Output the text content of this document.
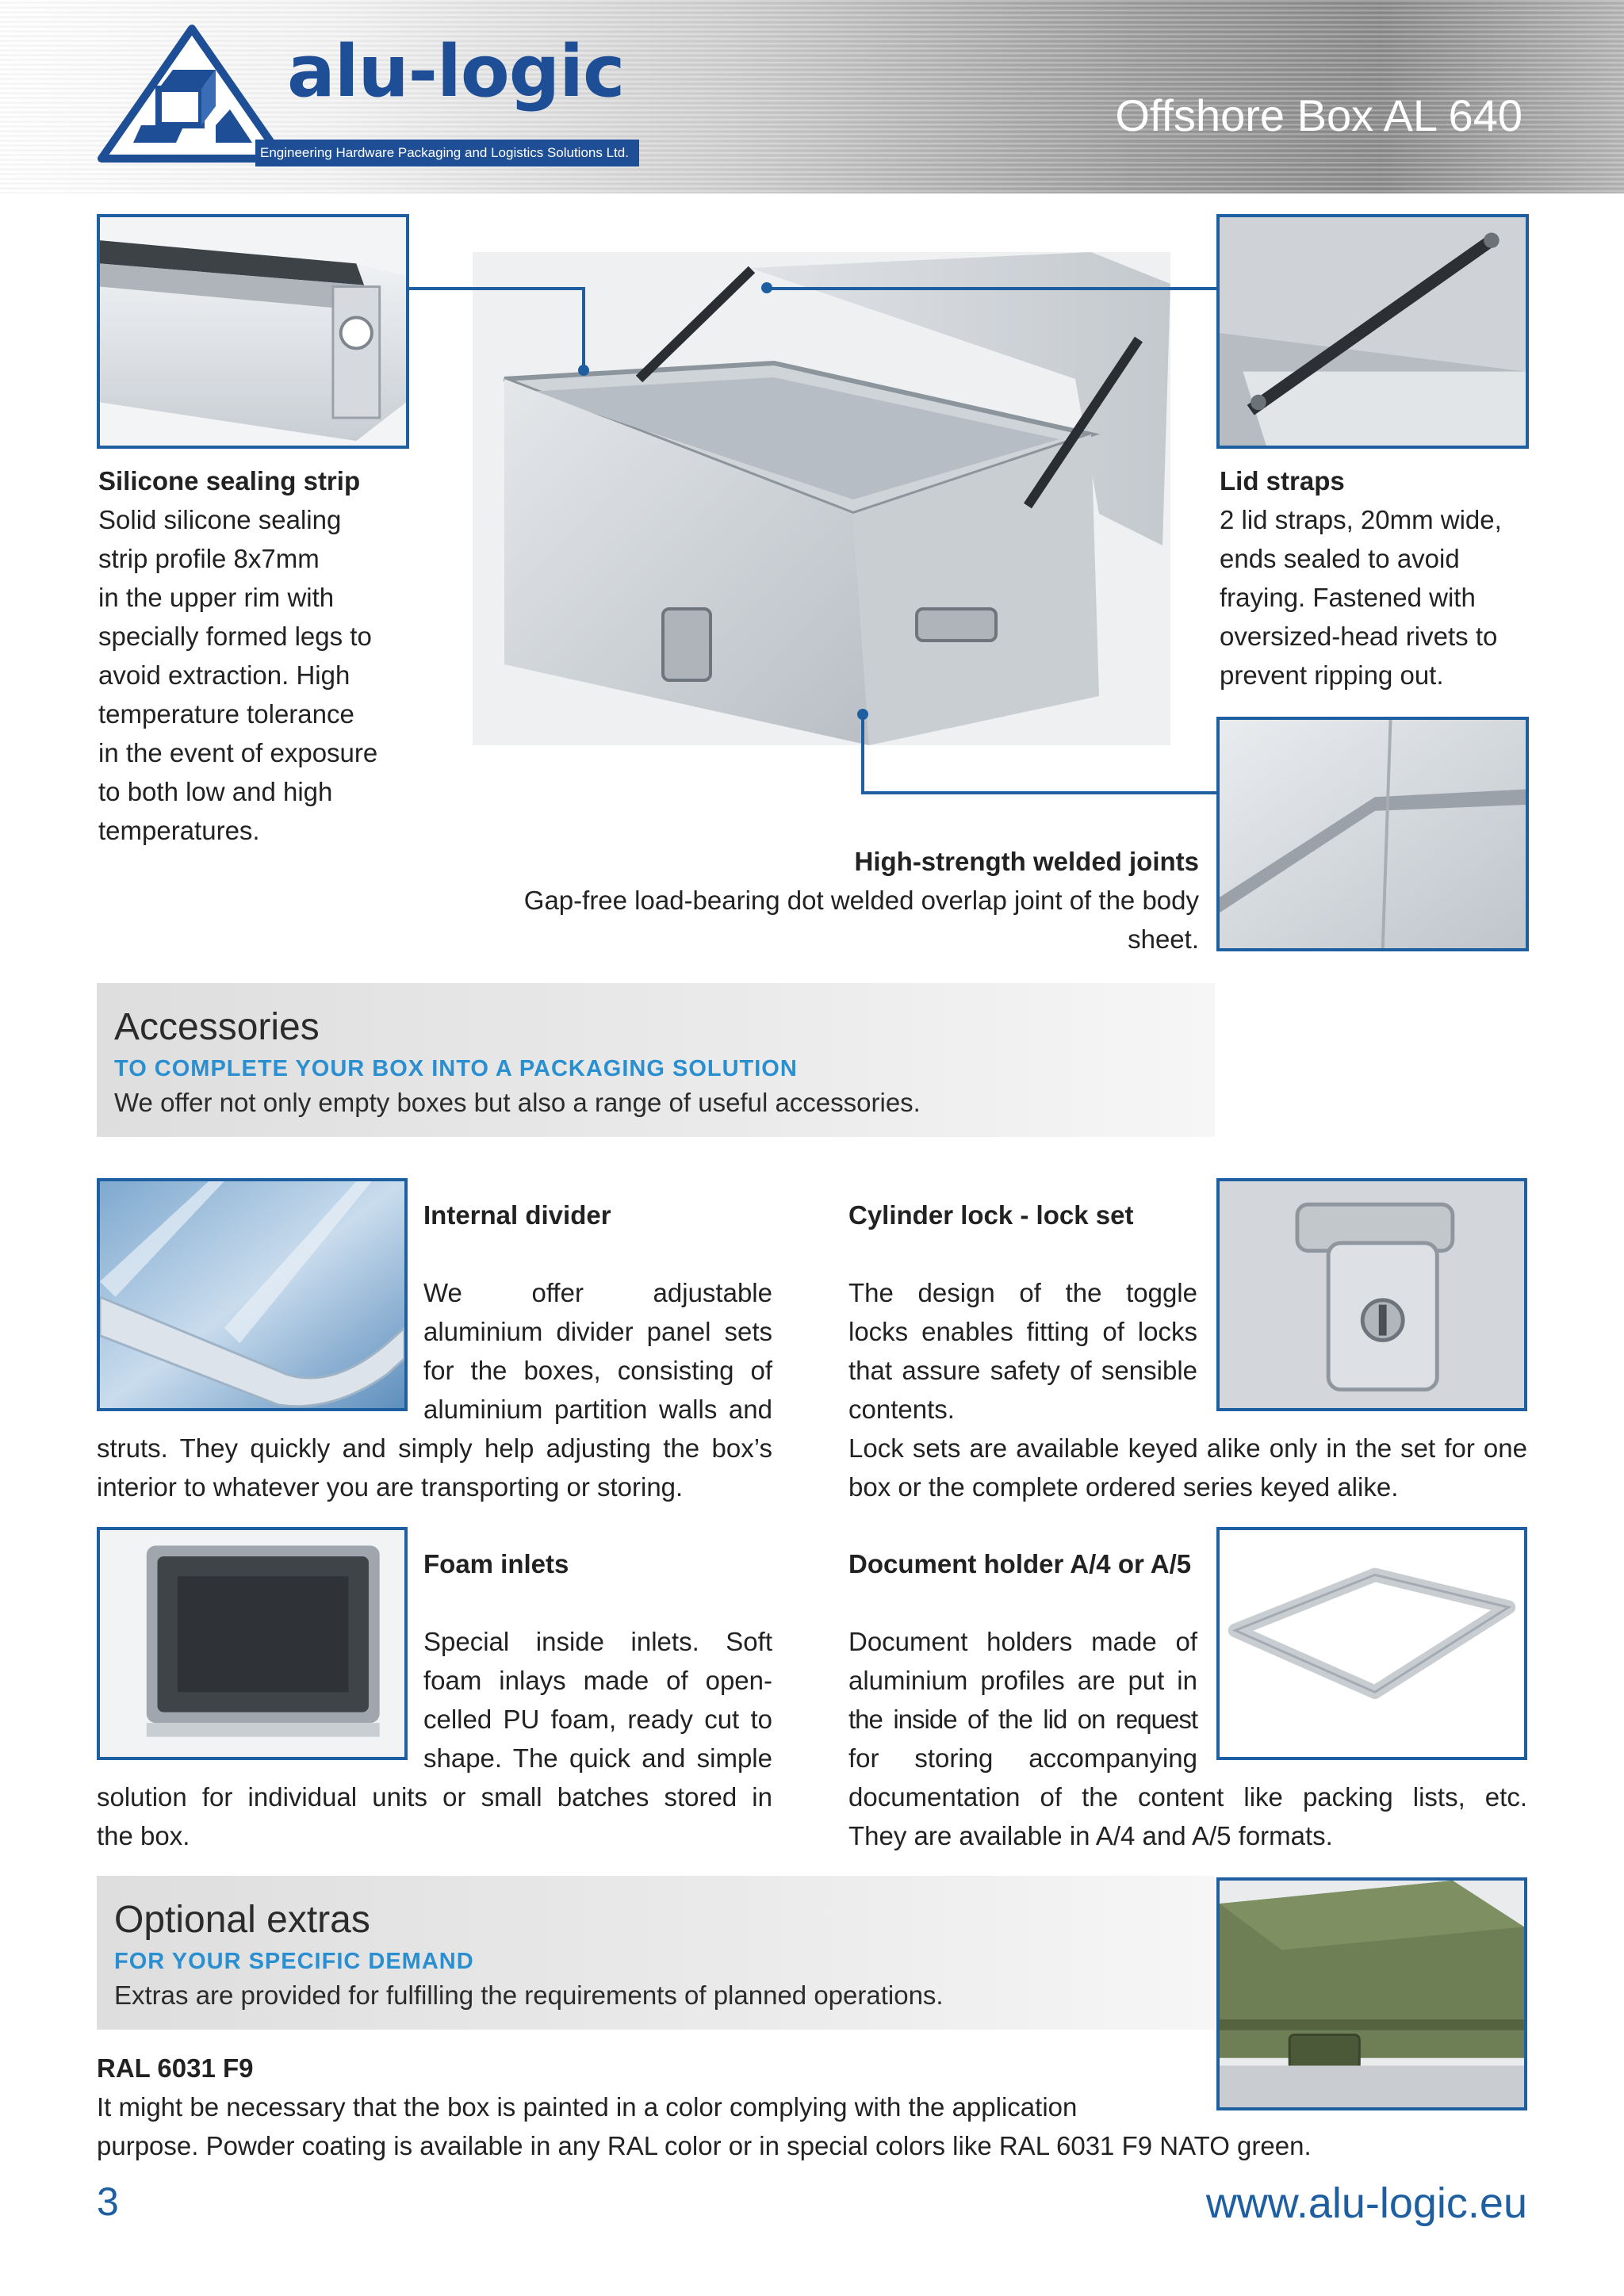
alu-logic
Engineering Hardware Packaging and Logistics Solutions Ltd.
Offshore Box AL 640
Silicone sealing strip
Solid silicone sealing
strip profile 8x7mm
in the upper rim with
specially formed legs to
avoid extraction. High
temperature tolerance
in the event of exposure
to both low and high
temperatures.
Lid straps
2 lid straps, 20mm wide,
ends sealed to avoid
fraying. Fastened with
oversized-head rivets to
prevent ripping out.
High-strength welded joints
Gap-free load-bearing dot welded overlap joint of the body
sheet.
Accessories
TO COMPLETE YOUR BOX INTO A PACKAGING SOLUTION
We offer not only empty boxes but also a range of useful accessories.
Internal divider
We offer adjustable
aluminium divider panel sets
for the boxes, consisting of
aluminium partition walls and
struts. They quickly and simply help adjusting the box’s
interior to whatever you are transporting or storing.
Cylinder lock - lock set
The design of the toggle
locks enables fitting of locks
that assure safety of sensible
contents.
Lock sets are available keyed alike only in the set for one
box or the complete ordered series keyed alike.
Foam inlets
Special inside inlets. Soft
foam inlays made of open-
celled PU foam, ready cut to
shape. The quick and simple
solution for individual units or small batches stored in
the box.
Document holder A/4 or A/5
Document holders made of
aluminium profiles are put in
the inside of the lid on request
for storing accompanying
documentation of the content like packing lists, etc.
They are available in A/4 and A/5 formats.
Optional extras
FOR YOUR SPECIFIC DEMAND
Extras are provided for fulfilling the requirements of planned operations.
RAL 6031 F9
It might be necessary that the box is painted in a color complying with the application
purpose. Powder coating is available in any RAL color or in special colors like RAL 6031 F9 NATO green.
3	www.alu-logic.eu
